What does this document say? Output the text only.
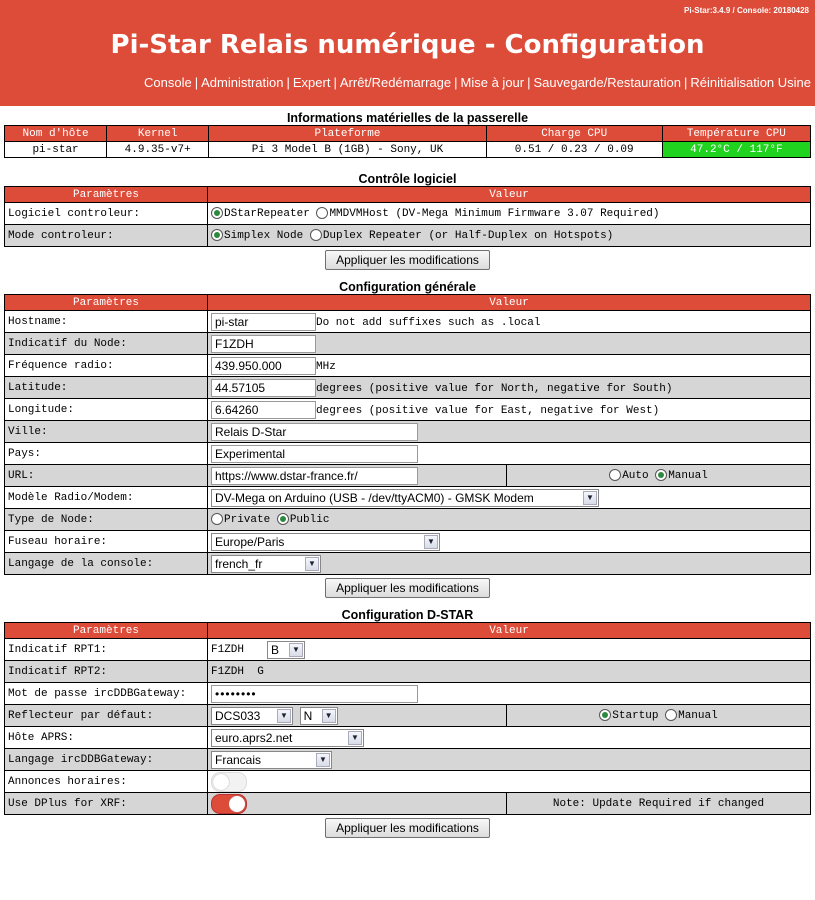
Pi-Star:3.4.9 / Console: 20180428
Pi-Star Relais numérique - Configuration
Console | Administration | Expert | Arrêt/Redémarrage | Mise à jour | Sauvegarde/Restauration | Réinitialisation Usine
Informations matérielles de la passerelle
Nom d'hôte	Kernel	Plateforme	Charge CPU	Température CPU
pi-star	4.9.35-v7+	Pi 3 Model B (1GB) - Sony, UK	0.51 / 0.23 / 0.09	47.2°C / 117°F
Contrôle logiciel
Paramètres	Valeur
Logiciel controleur:	DStarRepeater MMDVMHost (DV-Mega Minimum Firmware 3.07 Required)
Mode controleur:	Simplex Node Duplex Repeater (or Half-Duplex on Hotspots)
Appliquer les modifications
Configuration générale
Paramètres	Valeur	
Hostname:	pi-starDo not add suffixes such as .local
Indicatif du Node:	F1ZDH
Fréquence radio:	439.950.000MHz
Latitude:	44.57105degrees (positive value for North, negative for South)
Longitude:	6.64260degrees (positive value for East, negative for West)
Ville:	Relais D-Star
Pays:	Experimental
URL:	https://www.dstar-france.fr/	Auto Manual
Modèle Radio/Modem:	DV-Mega on Arduino (USB - /dev/ttyACM0) - GMSK Modem ▼	

Type de Node:	Private Public	
Fuseau horaire:	Europe/Paris ▼	

Langage de la console:	french_fr ▼	
Appliquer les modifications
Configuration D-STAR
Paramètres	Valeur	
Indicatif RPT1:	F1ZDH B ▼	

Indicatif RPT2:	F1ZDH  G	
Mot de passe ircDDBGateway:	••••••••
Reflecteur par défaut:	DCS033 ▼ N ▼	Startup Manual
Hôte APRS:	euro.aprs2.net ▼	

Langage ircDDBGateway:	Francais ▼	

Annonces horaires:		

Use DPlus for XRF:		Note: Update Required if changed
Appliquer les modifications
